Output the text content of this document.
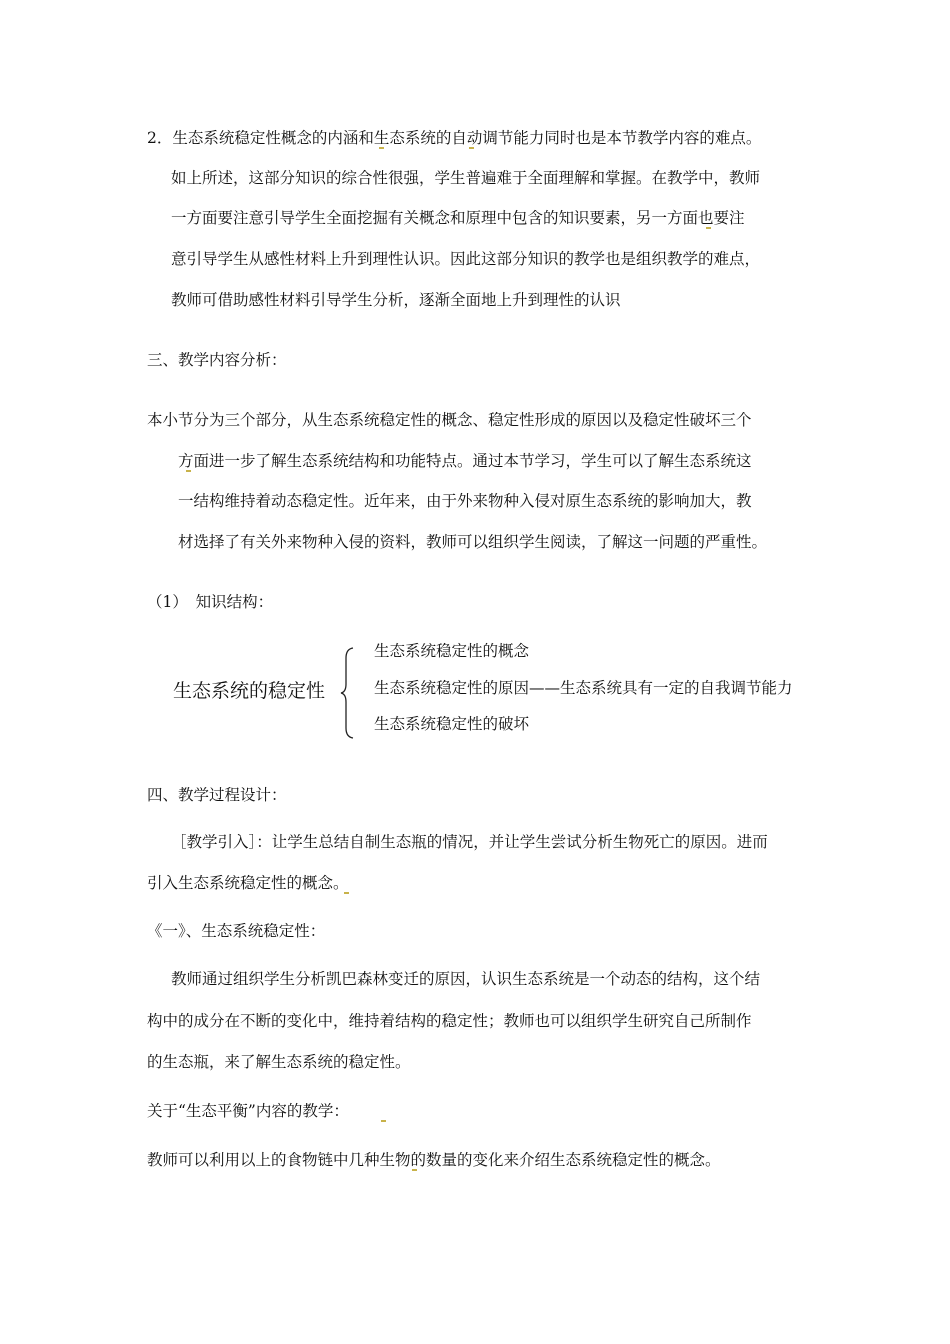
2．生态系统稳定性概念的内涵和生态系统的自动调节能力同时也是本节教学内容的难点。
如上所述，这部分知识的综合性很强，学生普遍难于全面理解和掌握。在教学中，教师
一方面要注意引导学生全面挖掘有关概念和原理中包含的知识要素，另一方面也要注
意引导学生从感性材料上升到理性认识。因此这部分知识的教学也是组织教学的难点，
教师可借助感性材料引导学生分析，逐渐全面地上升到理性的认识
三、教学内容分析：
本小节分为三个部分，从生态系统稳定性的概念、稳定性形成的原因以及稳定性破坏三个
方面进一步了解生态系统结构和功能特点。通过本节学习，学生可以了解生态系统这
一结构维持着动态稳定性。近年来，由于外来物种入侵对原生态系统的影响加大，教
材选择了有关外来物种入侵的资料，教师可以组织学生阅读，了解这一问题的严重性。
（1）　知识结构：
生态系统的稳定性
生态系统稳定性的概念
生态系统稳定性的原因——生态系统具有一定的自我调节能力
生态系统稳定性的破坏
四、教学过程设计：
［教学引入］：让学生总结自制生态瓶的情况，并让学生尝试分析生物死亡的原因。进而
引入生态系统稳定性的概念。
《一》、生态系统稳定性：
教师通过组织学生分析凯巴森林变迁的原因，认识生态系统是一个动态的结构，这个结
构中的成分在不断的变化中，维持着结构的稳定性；教师也可以组织学生研究自己所制作
的生态瓶，来了解生态系统的稳定性。
关于“生态平衡”内容的教学：
教师可以利用以上的食物链中几种生物的数量的变化来介绍生态系统稳定性的概念。
